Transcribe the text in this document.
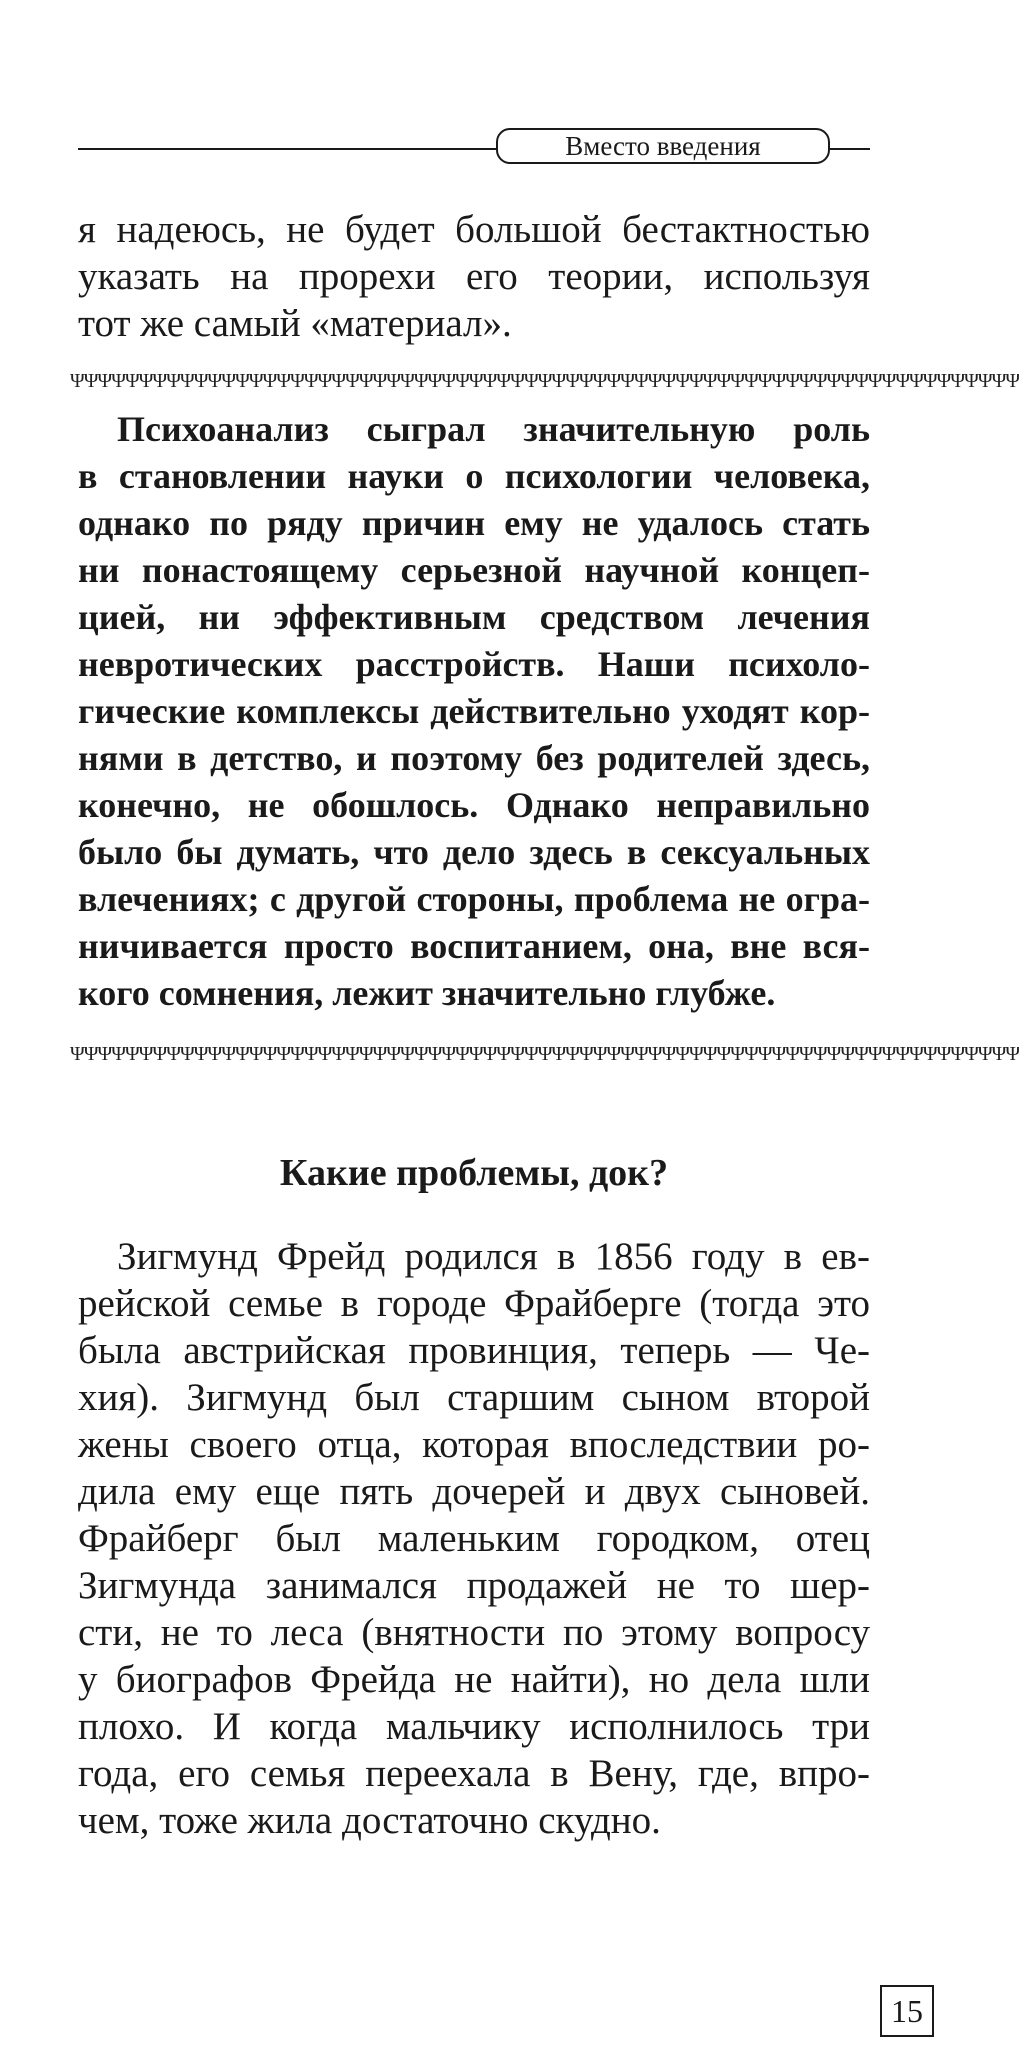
Вместо введения
я надеюсь, не будет большой бестактностью
указать на прорехи его теории, используя
тот же самый «материал».
ΨΨΨΨΨΨΨΨΨΨΨΨΨΨΨΨΨΨΨΨΨΨΨΨΨΨΨΨΨΨΨΨΨΨΨΨΨΨΨΨΨΨΨΨΨΨΨΨΨΨΨΨΨΨΨΨΨΨΨΨΨΨΨΨΨΨΨΨΨ
Психоанализ сыграл значительную роль
в становлении науки о психологии человека,
однако по ряду причин ему не удалось стать
ни понастоящему серьезной научной концеп-
цией, ни эффективным средством лечения
невротических расстройств. Наши психоло-
гические комплексы действительно уходят кор-
нями в детство, и поэтому без родителей здесь,
конечно, не обошлось. Однако неправильно
было бы думать, что дело здесь в сексуальных
влечениях; с другой стороны, проблема не огра-
ничивается просто воспитанием, она, вне вся-
кого сомнения, лежит значительно глубже.
ΨΨΨΨΨΨΨΨΨΨΨΨΨΨΨΨΨΨΨΨΨΨΨΨΨΨΨΨΨΨΨΨΨΨΨΨΨΨΨΨΨΨΨΨΨΨΨΨΨΨΨΨΨΨΨΨΨΨΨΨΨΨΨΨΨΨΨΨΨ
Какие проблемы, док?
Зигмунд Фрейд родился в 1856 году в ев-
рейской семье в городе Фрайберге (тогда это
была австрийская провинция, теперь — Че-
хия). Зигмунд был старшим сыном второй
жены своего отца, которая впоследствии ро-
дила ему еще пять дочерей и двух сыновей.
Фрайберг был маленьким городком, отец
Зигмунда занимался продажей не то шер-
сти, не то леса (внятности по этому вопросу
у биографов Фрейда не найти), но дела шли
плохо. И когда мальчику исполнилось три
года, его семья переехала в Вену, где, впро-
чем, тоже жила достаточно скудно.
15
